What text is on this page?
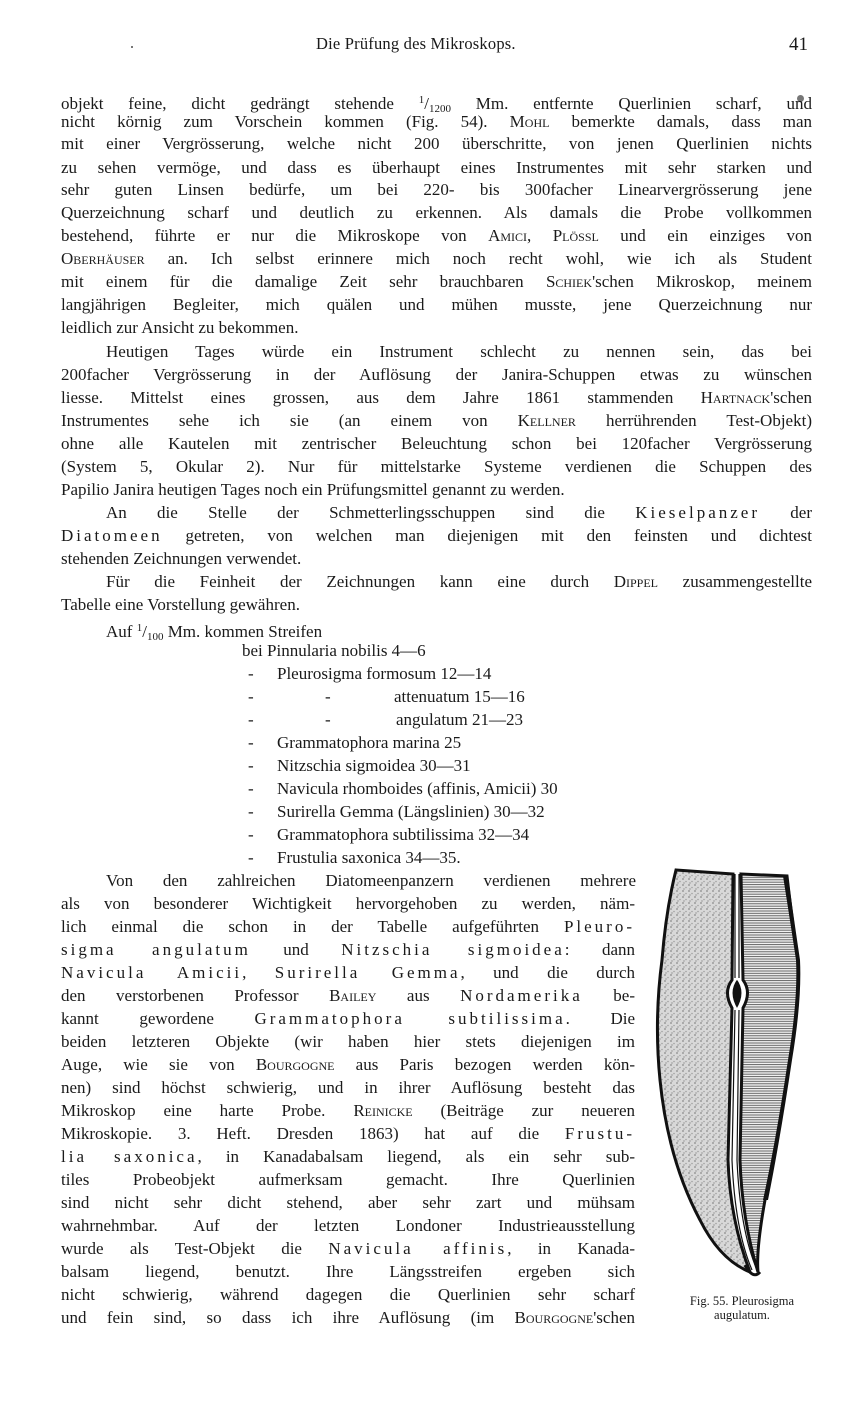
Die Prüfung des Mikroskops.	41
objekt feine, dicht gedrängt stehende $^1/_{1200}$ Mm. entfernte Querlinien scharf, und
nicht körnig zum Vorschein kommen (Fig. 54). Mohl bemerkte damals, dass man
mit einer Vergrösserung, welche nicht 200 überschritte, von jenen Querlinien nichts
zu sehen vermöge, und dass es überhaupt eines Instrumentes mit sehr starken und
sehr guten Linsen bedürfe, um bei 220- bis 300facher Linearvergrösserung jene
Querzeichnung scharf und deutlich zu erkennen. Als damals die Probe vollkommen
bestehend, führte er nur die Mikroskope von Amici, Plössl und ein einziges von
Oberhäuser an. Ich selbst erinnere mich noch recht wohl, wie ich als Student
mit einem für die damalige Zeit sehr brauchbaren Schiek'schen Mikroskop, meinem
langjährigen Begleiter, mich quälen und mühen musste, jene Querzeichnung nur
leidlich zur Ansicht zu bekommen.
Heutigen Tages würde ein Instrument schlecht zu nennen sein, das bei
200facher Vergrösserung in der Auflösung der Janira-Schuppen etwas zu wünschen
liesse. Mittelst eines grossen, aus dem Jahre 1861 stammenden Hartnack'schen
Instrumentes sehe ich sie (an einem von Kellner herrührenden Test-Objekt)
ohne alle Kautelen mit zentrischer Beleuchtung schon bei 120facher Vergrösserung
(System 5, Okular 2). Nur für mittelstarke Systeme verdienen die Schuppen des
Papilio Janira heutigen Tages noch ein Prüfungsmittel genannt zu werden.
An die Stelle der Schmetterlingsschuppen sind die Kieselpanzer der
Diatomeen getreten, von welchen man diejenigen mit den feinsten und dichtest
stehenden Zeichnungen verwendet.
Für die Feinheit der Zeichnungen kann eine durch Dippel zusammengestellte
Tabelle eine Vorstellung gewähren.
Auf $^1/_{100}$ Mm. kommen Streifen
bei Pinnularia nobilis 4—6
-	Pleurosigma formosum 12—14
-	-	attenuatum 15—16
-	-	angulatum 21—23
-	Grammatophora marina 25
-	Nitzschia sigmoidea 30—31
-	Navicula rhomboides (affinis, Amicii) 30
-	Surirella Gemma (Längslinien) 30—32
-	Grammatophora subtilissima 32—34
-	Frustulia saxonica 34—35.
Von den zahlreichen Diatomeenpanzern verdienen mehrere
als von besonderer Wichtigkeit hervorgehoben zu werden, näm-
lich einmal die schon in der Tabelle aufgeführten Pleuro-
sigma angulatum und Nitzschia sigmoidea: dann
Navicula Amicii, Surirella Gemma, und die durch
den verstorbenen Professor Bailey aus Nordamerika be-
kannt gewordene Grammatophora subtilissima. Die
beiden letzteren Objekte (wir haben hier stets diejenigen im
Auge, wie sie von Bourgogne aus Paris bezogen werden kön-
nen) sind höchst schwierig, und in ihrer Auflösung besteht das
Mikroskop eine harte Probe. Reinicke (Beiträge zur neueren
Mikroskopie. 3. Heft. Dresden 1863) hat auf die Frustu-
lia saxonica, in Kanadabalsam liegend, als ein sehr sub-
tiles Probeobjekt aufmerksam gemacht. Ihre Querlinien
sind nicht sehr dicht stehend, aber sehr zart und mühsam
wahrnehmbar. Auf der letzten Londoner Industrieausstellung
wurde als Test-Objekt die Navicula affinis, in Kanada-
balsam liegend, benutzt. Ihre Längsstreifen ergeben sich
nicht schwierig, während dagegen die Querlinien sehr scharf
und fein sind, so dass ich ihre Auflösung (im Bourgogne'schen
Fig. 55. Pleurosigma
augulatum.
